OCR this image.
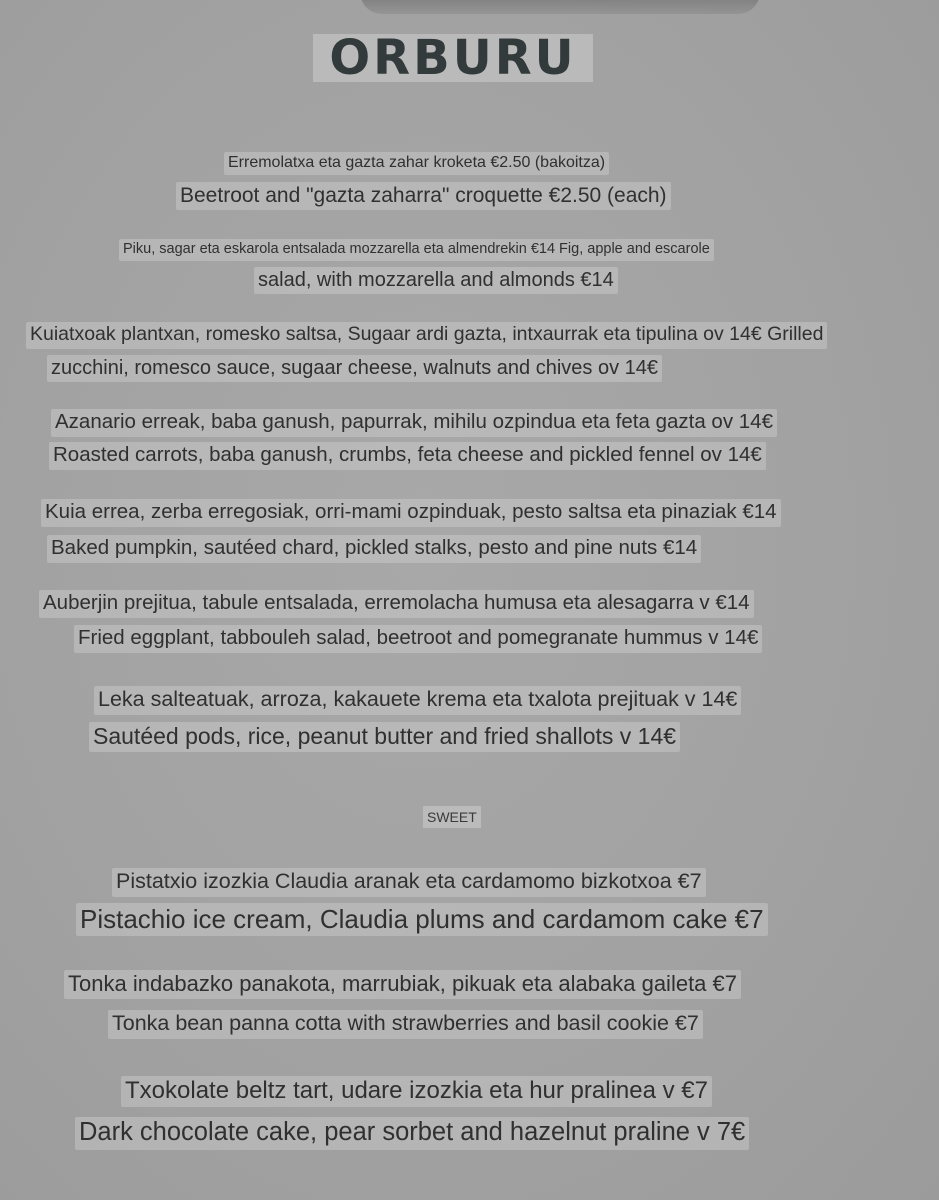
ORBURU
Erremolatxa eta gazta zahar kroketa €2.50 (bakoitza)
Beetroot and "gazta zaharra" croquette €2.50 (each)
Piku, sagar eta eskarola entsalada mozzarella eta almendrekin €14 Fig, apple and escarole
salad, with mozzarella and almonds €14
Kuiatxoak plantxan, romesko saltsa, Sugaar ardi gazta, intxaurrak eta tipulina ov 14€ Grilled
zucchini, romesco sauce, sugaar cheese, walnuts and chives ov 14€
Azanario erreak, baba ganush, papurrak, mihilu ozpindua eta feta gazta ov 14€
Roasted carrots, baba ganush, crumbs, feta cheese and pickled fennel ov 14€
Kuia errea, zerba erregosiak, orri-mami ozpinduak, pesto saltsa eta pinaziak €14
Baked pumpkin, sautéed chard, pickled stalks, pesto and pine nuts €14
Auberjin prejitua, tabule entsalada, erremolacha humusa eta alesagarra v €14
Fried eggplant, tabbouleh salad, beetroot and pomegranate hummus v 14€
Leka salteatuak, arroza, kakauete krema eta txalota prejituak v 14€
Sautéed pods, rice, peanut butter and fried shallots v 14€
SWEET
Pistatxio izozkia Claudia aranak eta cardamomo bizkotxoa €7
Pistachio ice cream, Claudia plums and cardamom cake €7
Tonka indabazko panakota, marrubiak, pikuak eta alabaka gaileta €7
Tonka bean panna cotta with strawberries and basil cookie €7
Txokolate beltz tart, udare izozkia eta hur pralinea v €7
Dark chocolate cake, pear sorbet and hazelnut praline v 7€
